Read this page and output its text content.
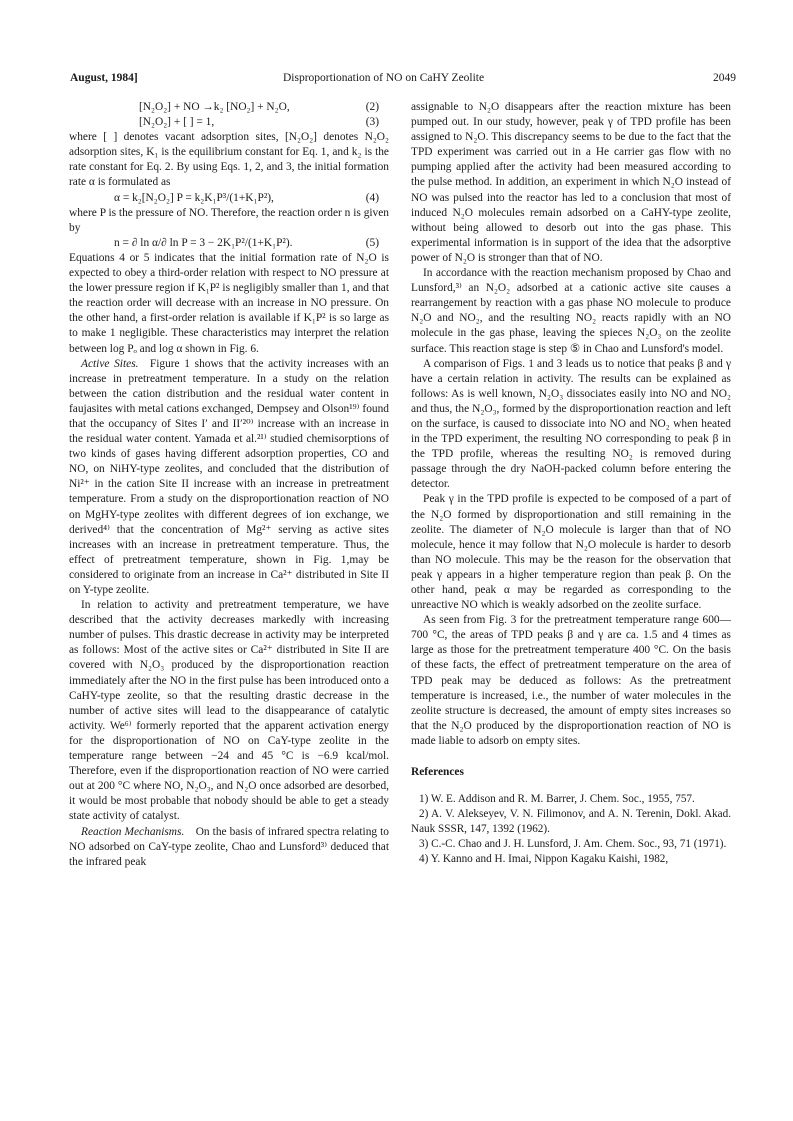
August, 1984]	Disproportionation of NO on CaHY Zeolite	2049
[N₂O₂] + NO →k₂ [NO₂] + N₂O,	(2)
[N₂O₂] + [ ] = 1,	(3)

where [ ] denotes vacant adsorption sites, [N₂O₂] denotes N₂O₂ adsorption sites, K₁ is the equilibrium constant for Eq. 1, and k₂ is the rate constant for Eq. 2. By using Eqs. 1, 2, and 3, the initial formation rate α is formulated as

α = k₂[N₂O₂] P = k₂K₁P³/(1+K₁P²),	(4)

where P is the pressure of NO. Therefore, the reaction order n is given by

n = ∂ ln α/∂ ln P = 3 − 2K₁P²/(1+K₁P²).	(5)

Equations 4 or 5 indicates that the initial formation rate of N₂O is expected to obey a third-order relation with respect to NO pressure at the lower pressure region if K₁P² is negligibly smaller than 1, and that the reaction order will decrease with an increase in NO pressure. On the other hand, a first-order relation is available if K₁P² is so large as to make 1 negligible. These characteristics may interpret the relation between log Pₒ and log α shown in Fig. 6.

Active Sites.  Figure 1 shows that the activity increases with an increase in pretreatment temperature. In a study on the relation between the cation distribution and the residual water content in faujasites with metal cations exchanged, Dempsey and Olson¹⁹⁾ found that the occupancy of Sites I′ and II′²⁰⁾ increase with an increase in the residual water content. Yamada et al.²¹⁾ studied chemisorptions of two kinds of gases having different adsorption properties, CO and NO, on NiHY-type zeolites, and concluded that the distribution of Ni²⁺ in the cation Site II increase with an increase in pretreatment temperature. From a study on the disproportionation reaction of NO on MgHY-type zeolites with different degrees of ion exchange, we derived⁴⁾ that the concentration of Mg²⁺ serving as active sites increases with an increase in pretreatment temperature. Thus, the effect of pretreatment temperature, shown in Fig. 1,may be considered to originate from an increase in Ca²⁺ distributed in Site II on Y-type zeolite.

In relation to activity and pretreatment temperature, we have described that the activity decreases markedly with increasing number of pulses. This drastic decrease in activity may be interpreted as follows: Most of the active sites or Ca²⁺ distributed in Site II are covered with N₂O₃ produced by the disproportionation reaction immediately after the NO in the first pulse has been introduced onto a CaHY-type zeolite, so that the resulting drastic decrease in the number of active sites will lead to the disappearance of catalytic activity. We⁶⁾ formerly reported that the apparent activation energy for the disproportionation of NO on CaY-type zeolite in the temperature range between −24 and 45 °C is −6.9 kcal/mol. Therefore, even if the disproportionation reaction of NO were carried out at 200 °C where NO, N₂O₃, and N₂O once adsorbed are desorbed, it would be most probable that nobody should be able to get a steady state activity of catalyst.

Reaction Mechanisms.  On the basis of infrared spectra relating to NO adsorbed on CaY-type zeolite, Chao and Lunsford³⁾ deduced that the infrared peak

assignable to N₂O disappears after the reaction mixture has been pumped out. In our study, however, peak γ of TPD profile has been assigned to N₂O. This discrepancy seems to be due to the fact that the TPD experiment was carried out in a He carrier gas flow with no pumping applied after the activity had been measured according to the pulse method. In addition, an experiment in which N₂O instead of NO was pulsed into the reactor has led to a conclusion that most of induced N₂O molecules remain adsorbed on a CaHY-type zeolite, without being allowed to desorb out into the gas phase. This experimental information is in support of the idea that the adsorptive power of N₂O is stronger than that of NO.

In accordance with the reaction mechanism proposed by Chao and Lunsford,³⁾ an N₂O₂ adsorbed at a cationic active site causes a rearrangement by reaction with a gas phase NO molecule to produce N₂O and NO₂, and the resulting NO₂ reacts rapidly with an NO molecule in the gas phase, leaving the spieces N₂O₃ on the zeolite surface. This reaction stage is step ⑤ in Chao and Lunsford's model.

A comparison of Figs. 1 and 3 leads us to notice that peaks β and γ have a certain relation in activity. The results can be explained as follows: As is well known, N₂O₃ dissociates easily into NO and NO₂ and thus, the N₂O₃, formed by the disproportionation reaction and left on the surface, is caused to dissociate into NO and NO₂ when heated in the TPD experiment, the resulting NO corresponding to peak β in the TPD profile, whereas the resulting NO₂ is removed during passage through the dry NaOH-packed column before entering the detector.

Peak γ in the TPD profile is expected to be composed of a part of the N₂O formed by disproportionation and still remaining in the zeolite. The diameter of N₂O molecule is larger than that of NO molecule, hence it may follow that N₂O molecule is harder to desorb than NO molecule. This may be the reason for the observation that peak γ appears in a higher temperature region than peak β. On the other hand, peak α may be regarded as corresponding to the unreactive NO which is weakly adsorbed on the zeolite surface.

As seen from Fig. 3 for the pretreatment temperature range 600—700 °C, the areas of TPD peaks β and γ are ca. 1.5 and 4 times as large as those for the pretreatment temperature 400 °C. On the basis of these facts, the effect of pretreatment temperature on the area of TPD peak may be deduced as follows: As the pretreatment temperature is increased, i.e., the number of water molecules in the zeolite structure is decreased, the amount of empty sites increases so that the N₂O produced by the disproportionation reaction of NO is made liable to adsorb on empty sites.

References
1) W. E. Addison and R. M. Barrer, J. Chem. Soc., 1955, 757.
2) A. V. Alekseyev, V. N. Filimonov, and A. N. Terenin, Dokl. Akad. Nauk SSSR, 147, 1392 (1962).
3) C.-C. Chao and J. H. Lunsford, J. Am. Chem. Soc., 93, 71 (1971).
4) Y. Kanno and H. Imai, Nippon Kagaku Kaishi, 1982,
